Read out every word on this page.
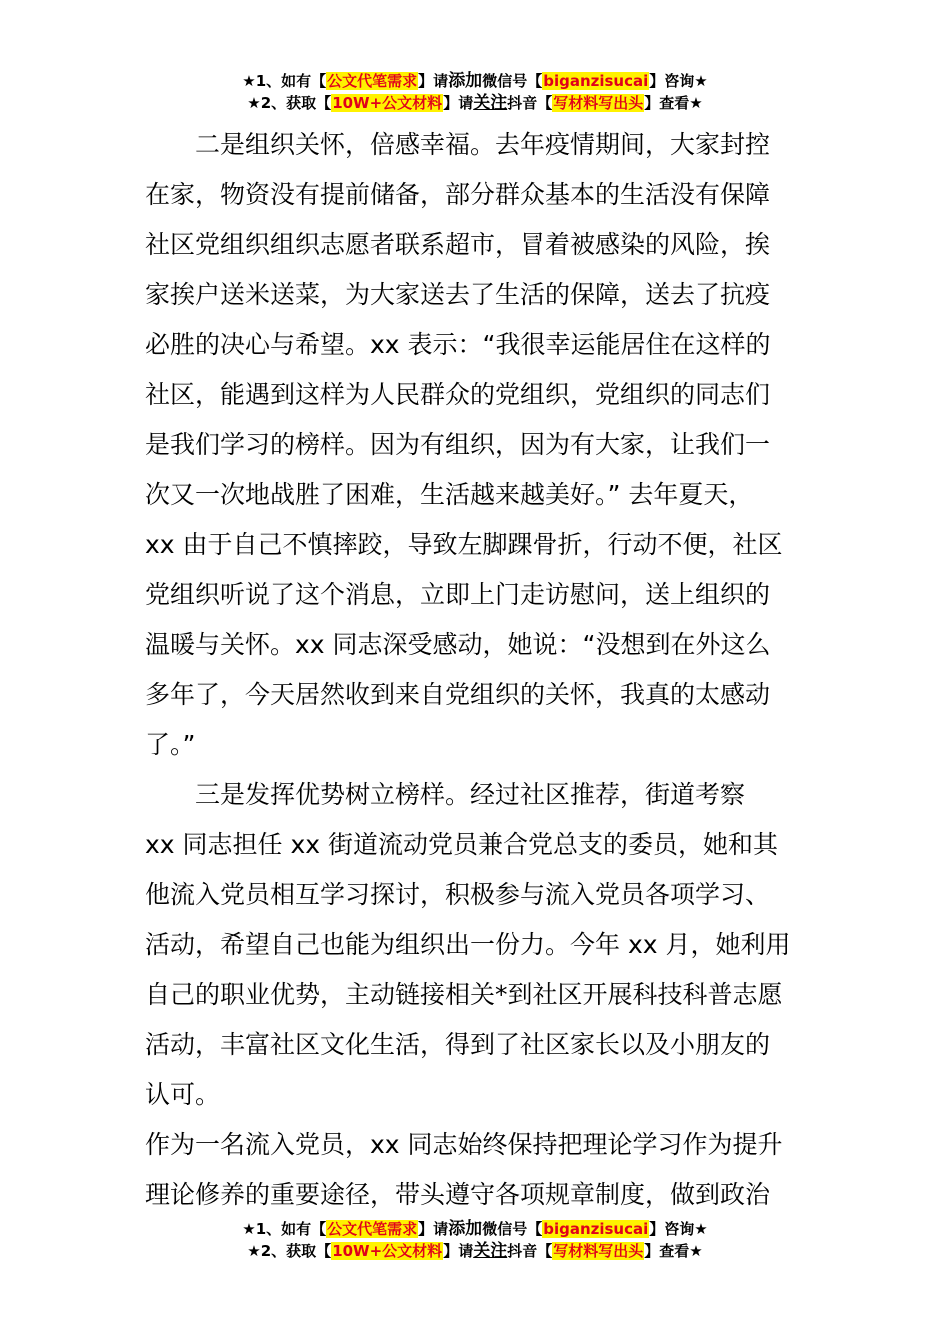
★1、如有【公文代笔需求】请添加微信号【biganzisucai】咨询★
★2、获取【10W+公文材料】请关注抖音【写材料写出头】查看★
二是组织关怀，倍感幸福。去年疫情期间，大家封控
在家，物资没有提前储备，部分群众基本的生活没有保障
社区党组织组织志愿者联系超市，冒着被感染的风险，挨
家挨户送米送菜，为大家送去了生活的保障，送去了抗疫
必胜的决心与希望。xx 表示：“我很幸运能居住在这样的
社区，能遇到这样为人民群众的党组织，党组织的同志们
是我们学习的榜样。因为有组织，因为有大家，让我们一
次又一次地战胜了困难，生活越来越美好。” 去年夏天，
xx 由于自己不慎摔跤，导致左脚踝骨折，行动不便，社区
党组织听说了这个消息，立即上门走访慰问，送上组织的
温暖与关怀。xx 同志深受感动，她说：“没想到在外这么
多年了，今天居然收到来自党组织的关怀，我真的太感动
了。”
三是发挥优势树立榜样。经过社区推荐，街道考察
xx 同志担任 xx 街道流动党员兼合党总支的委员，她和其
他流入党员相互学习探讨，积极参与流入党员各项学习、
活动，希望自己也能为组织出一份力。今年 xx 月，她利用
自己的职业优势，主动链接相关*到社区开展科技科普志愿
活动，丰富社区文化生活，得到了社区家长以及小朋友的
认可。
作为一名流入党员，xx 同志始终保持把理论学习作为提升
理论修养的重要途径，带头遵守各项规章制度，做到政治
★1、如有【公文代笔需求】请添加微信号【biganzisucai】咨询★
★2、获取【10W+公文材料】请关注抖音【写材料写出头】查看★
